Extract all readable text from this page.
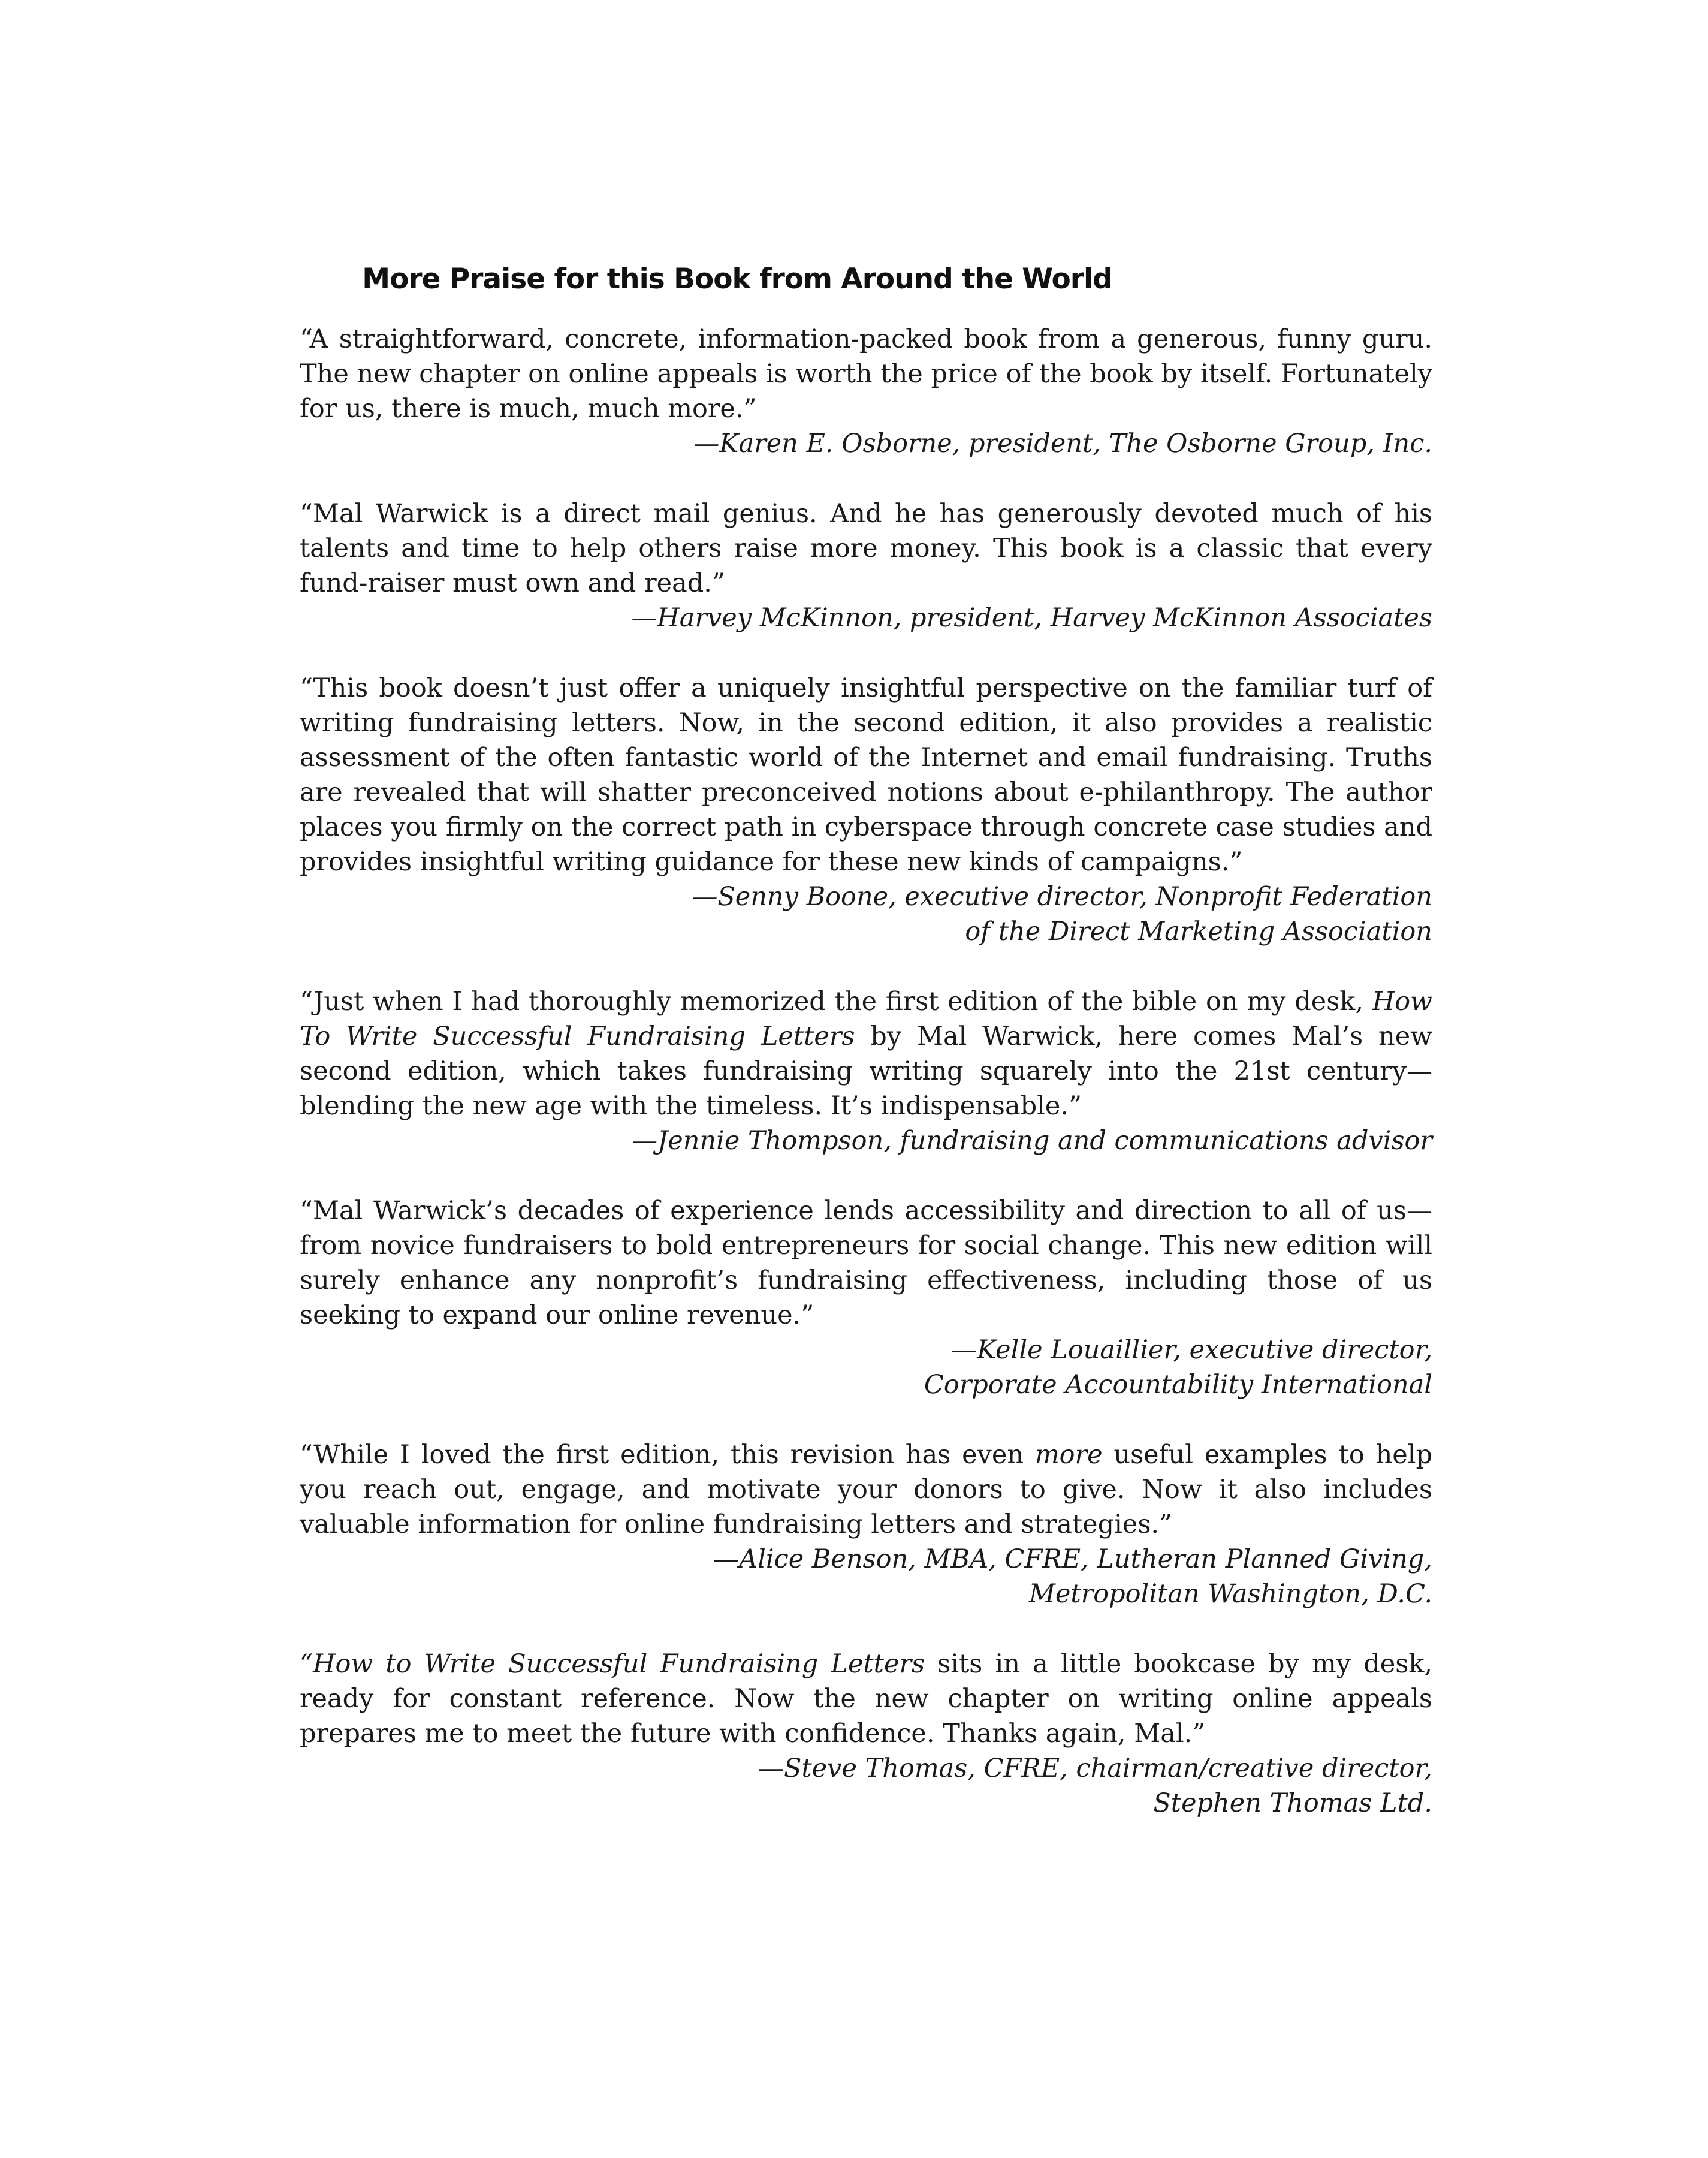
More Praise for this Book from Around the World

“A straightforward, concrete, information-packed book from a generous, funny guru. The new chapter on online appeals is worth the price of the book by itself. Fortunately for us, there is much, much more.”

—Karen E. Osborne, president, The Osborne Group, Inc.

“Mal Warwick is a direct mail genius. And he has generously devoted much of his talents and time to help others raise more money. This book is a classic that every fund-raiser must own and read.”

—Harvey McKinnon, president, Harvey McKinnon Associates

“This book doesn’t just offer a uniquely insightful perspective on the familiar turf of writing fundraising letters. Now, in the second edition, it also provides a realistic assessment of the often fantastic world of the Internet and email fundraising. Truths are revealed that will shatter preconceived notions about e-philanthropy. The author places you firmly on the correct path in cyberspace through concrete case studies and provides insightful writing guidance for these new kinds of campaigns.”

—Senny Boone, executive director, Nonprofit Federation
of the Direct Marketing Association

“Just when I had thoroughly memorized the first edition of the bible on my desk, How To Write Successful Fundraising Letters by Mal Warwick, here comes Mal’s new second edition, which takes fundraising writing squarely into the 21st century—blending the new age with the timeless. It’s indispensable.”

—Jennie Thompson, fundraising and communications advisor

“Mal Warwick’s decades of experience lends accessibility and direction to all of us—from novice fundraisers to bold entrepreneurs for social change. This new edition will surely enhance any nonprofit’s fundraising effectiveness, including those of us seeking to expand our online revenue.”

—Kelle Louaillier, executive director,
Corporate Accountability International

“While I loved the first edition, this revision has even more useful examples to help you reach out, engage, and motivate your donors to give. Now it also includes valuable information for online fundraising letters and strategies.”

—Alice Benson, MBA, CFRE, Lutheran Planned Giving,
Metropolitan Washington, D.C.

“How to Write Successful Fundraising Letters sits in a little bookcase by my desk, ready for constant reference. Now the new chapter on writing online appeals prepares me to meet the future with confidence. Thanks again, Mal.”

—Steve Thomas, CFRE, chairman/creative director,
Stephen Thomas Ltd.
